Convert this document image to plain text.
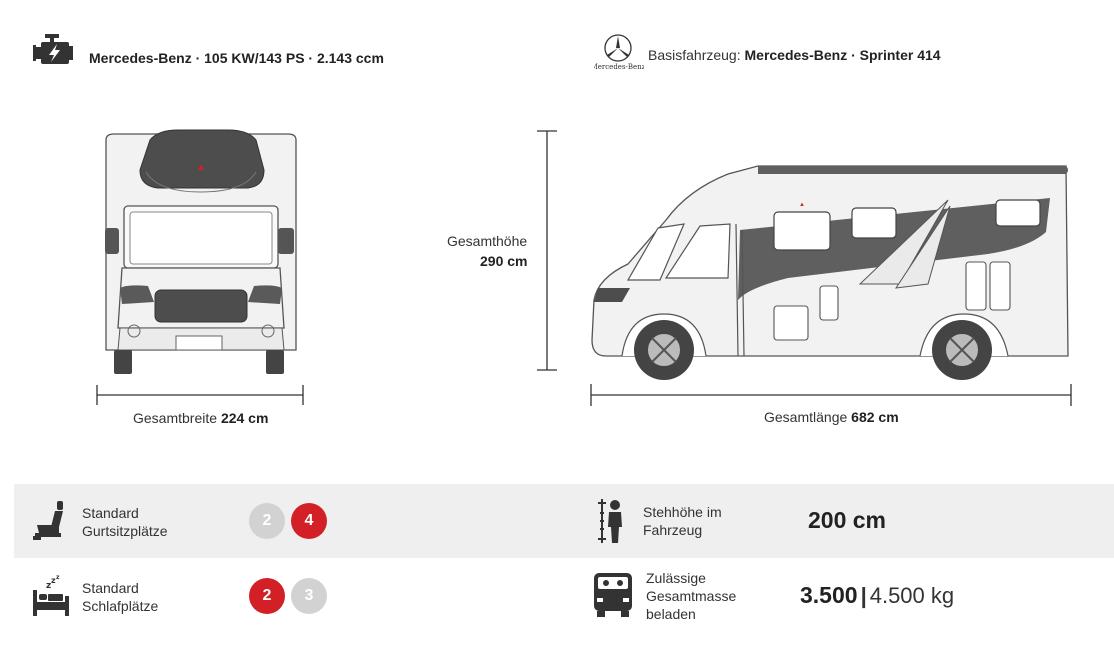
Mercedes-Benz · 105 KW/143 PS · 2.143 ccm
Mercedes-Benz
Basisfahrzeug: Mercedes-Benz · Sprinter 414
▲
Gesamtbreite 224 cm
Gesamthöhe
290 cm
▲
Gesamtlänge 682 cm
Standard
Gurtsitzplätze
2	4	Stehhöhe im
Fahrzeug	200 cm
z z
z Standard
Schlafplätze
2	3
Zulässige
Gesamtmasse
beladen
3.500 | 4.500 kg
